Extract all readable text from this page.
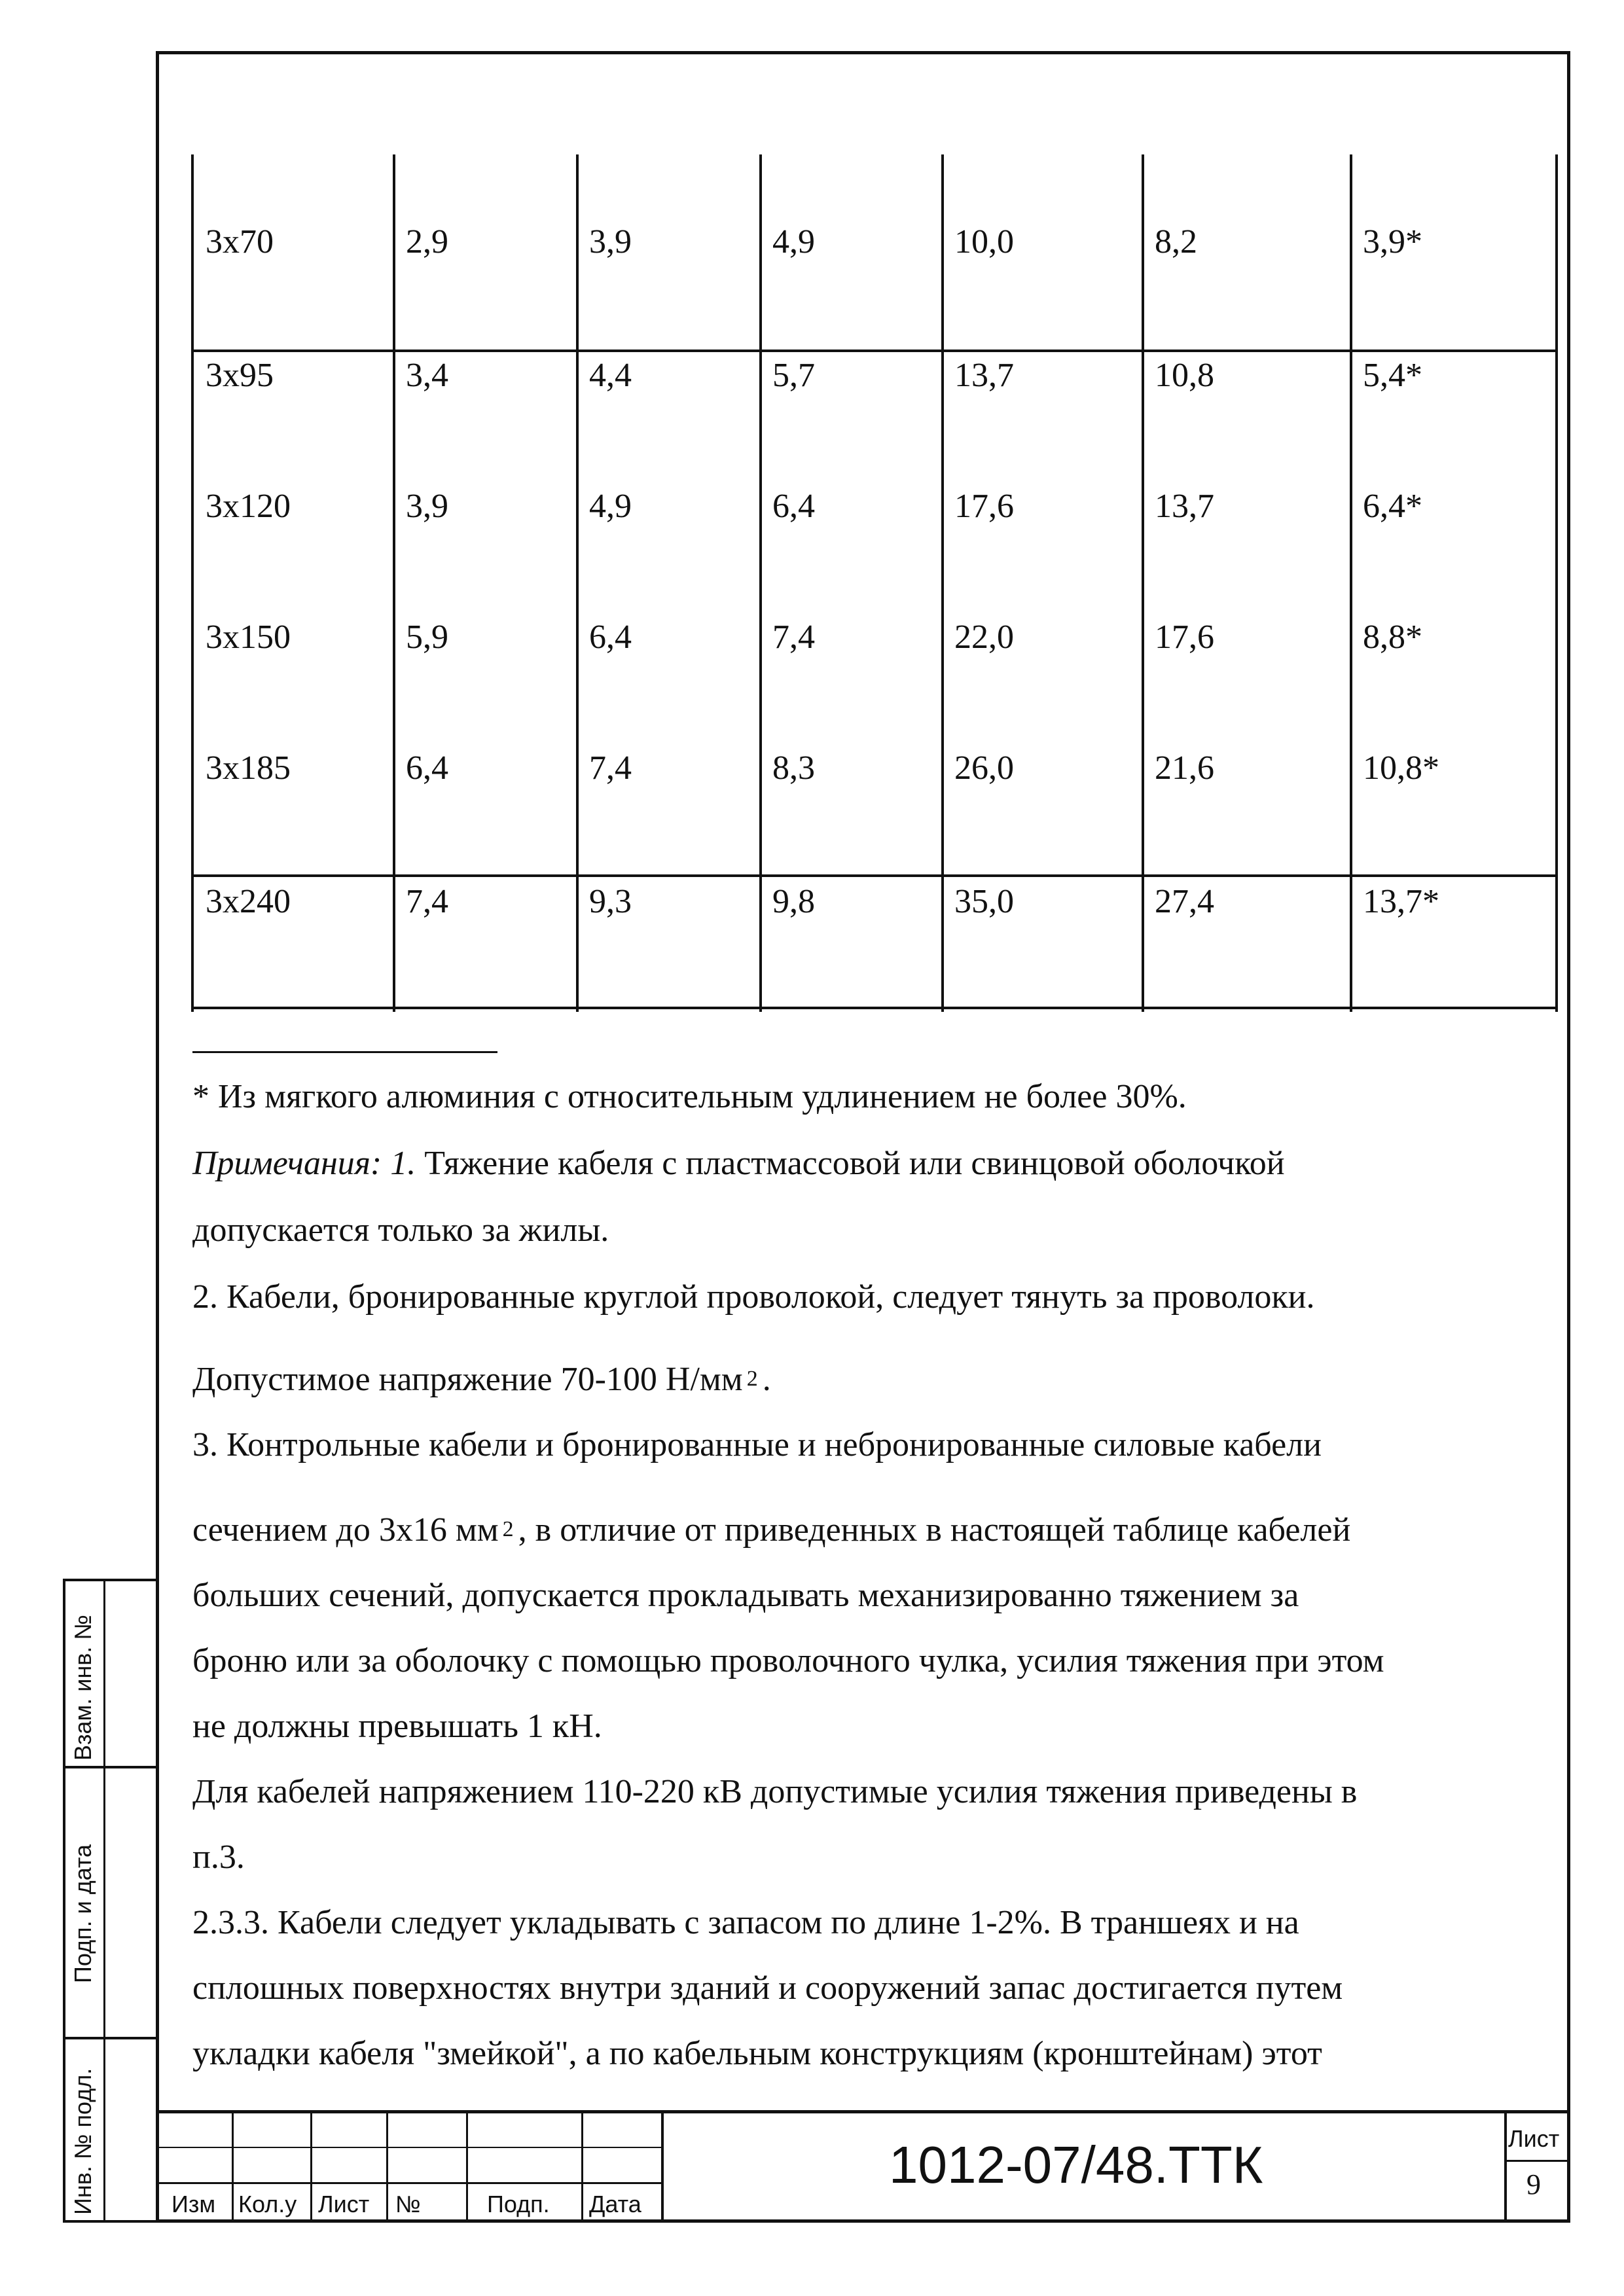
3x70	2,9	3,9	4,9	10,0	8,2	3,9*
3x95	3,4	4,4	5,7	13,7	10,8	5,4*
3x120	3,9	4,9	6,4	17,6	13,7	6,4*
3x150	5,9	6,4	7,4	22,0	17,6	8,8*
3x185	6,4	7,4	8,3	26,0	21,6	10,8*
3x240	7,4	9,3	9,8	35,0	27,4	13,7*
* Из мягкого алюминия с относительным удлинением не более 30%.
Примечания: 1. Тяжение кабеля с пластмассовой или свинцовой оболочкой
допускается только за жилы.
2. Кабели, бронированные круглой проволокой, следует тянуть за проволоки.
Допустимое напряжение 70-100 Н/мм 2 .
3. Контрольные кабели и бронированные и небронированные силовые кабели
сечением до 3х16 мм 2 , в отличие от приведенных в настоящей таблице кабелей
больших сечений, допускается прокладывать механизированно тяжением за
броню или за оболочку с помощью проволочного чулка, усилия тяжения при этом
не должны превышать 1 кН.
Для кабелей напряжением 110-220 кВ допустимые усилия тяжения приведены в
п.3.
2.3.3. Кабели следует укладывать с запасом по длине 1-2%. В траншеях и на
сплошных поверхностях внутри зданий и сооружений запас достигается путем
укладки кабеля "змейкой", а по кабельным конструкциям (кронштейнам) этот
Изм Кол.у Лист №	Подп. Дата
1012-07/48.ТТК	Лист
9
Взам. инв. №
Подп. и дата
Инв. № подл.
